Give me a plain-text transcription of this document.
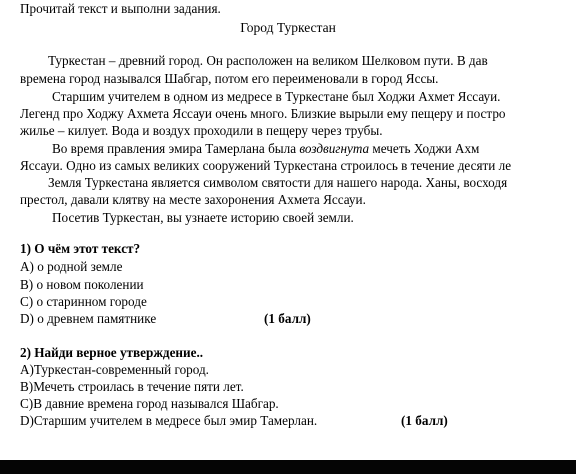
Прочитай текст и выполни задания.
Город Туркестан
Туркестан – древний город. Он расположен на великом Шелковом пути. В дав
времена город назывался Шабгар, потом его переименовали в город Яссы.
Старшим учителем в одном из медресе в Туркестане был Ходжи Ахмет Яссауи.
Легенд про Ходжу Ахмета Яссауи очень много. Близкие вырыли ему пещеру и постро
жилье – килует. Вода и воздух проходили в пещеру через трубы.
Во время правления эмира Тамерлана была воздвигнута мечеть Ходжи Ахм
Яссауи. Одно из самых великих сооружений Туркестана строилось в течение десяти ле
Земля Туркестана является символом святости для нашего народа. Ханы, восходя
престол, давали клятву на месте захоронения Ахмета Яссауи.
Посетив Туркестан, вы узнаете историю своей земли.
1) О чём этот текст?
A) о родной земле
B) о новом поколении
C) о старинном городе
D) о древнем памятнике	(1 балл)
2) Найди верное утверждение..
A)Туркестан-современный город.
B)Мечеть строилась в течение пяти лет.
C)В давние времена город назывался Шабгар.
D)Старшим учителем в медресе был эмир Тамерлан.	(1 балл)
